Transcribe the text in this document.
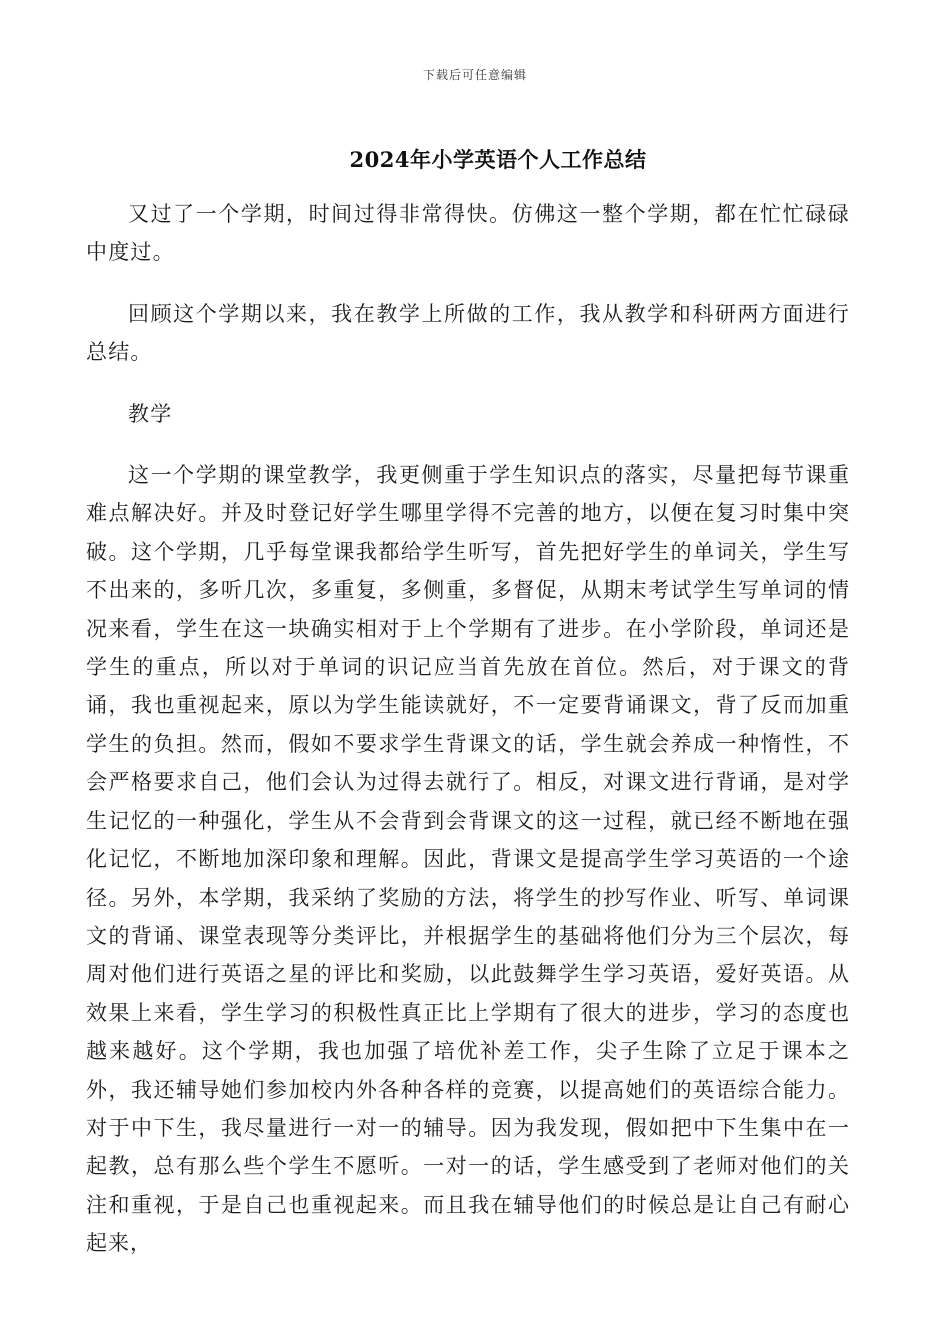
下载后可任意编辑
2024年小学英语个人工作总结

又过了一个学期，时间过得非常得快。仿佛这一整个学期，都在忙忙碌碌中度过。

回顾这个学期以来，我在教学上所做的工作，我从教学和科研两方面进行总结。

教学

这一个学期的课堂教学，我更侧重于学生知识点的落实，尽量把每节课重难点解决好。并及时登记好学生哪里学得不完善的地方，以便在复习时集中突破。这个学期，几乎每堂课我都给学生听写，首先把好学生的单词关，学生写不出来的，多听几次，多重复，多侧重，多督促，从期末考试学生写单词的情况来看，学生在这一块确实相对于上个学期有了进步。在小学阶段，单词还是学生的重点，所以对于单词的识记应当首先放在首位。然后，对于课文的背诵，我也重视起来，原以为学生能读就好，不一定要背诵课文，背了反而加重学生的负担。然而，假如不要求学生背课文的话，学生就会养成一种惰性，不会严格要求自己，他们会认为过得去就行了。相反，对课文进行背诵，是对学生记忆的一种强化，学生从不会背到会背课文的这一过程，就已经不断地在强化记忆，不断地加深印象和理解。因此，背课文是提高学生学习英语的一个途径。另外，本学期，我采纳了奖励的方法，将学生的抄写作业、听写、单词课文的背诵、课堂表现等分类评比，并根据学生的基础将他们分为三个层次，每周对他们进行英语之星的评比和奖励，以此鼓舞学生学习英语，爱好英语。从效果上来看，学生学习的积极性真正比上学期有了很大的进步，学习的态度也越来越好。这个学期，我也加强了培优补差工作，尖子生除了立足于课本之外，我还辅导她们参加校内外各种各样的竞赛，以提高她们的英语综合能力。对于中下生，我尽量进行一对一的辅导。因为我发现，假如把中下生集中在一起教，总有那么些个学生不愿听。一对一的话，学生感受到了老师对他们的关注和重视，于是自己也重视起来。而且我在辅导他们的时候总是让自己有耐心起来，
